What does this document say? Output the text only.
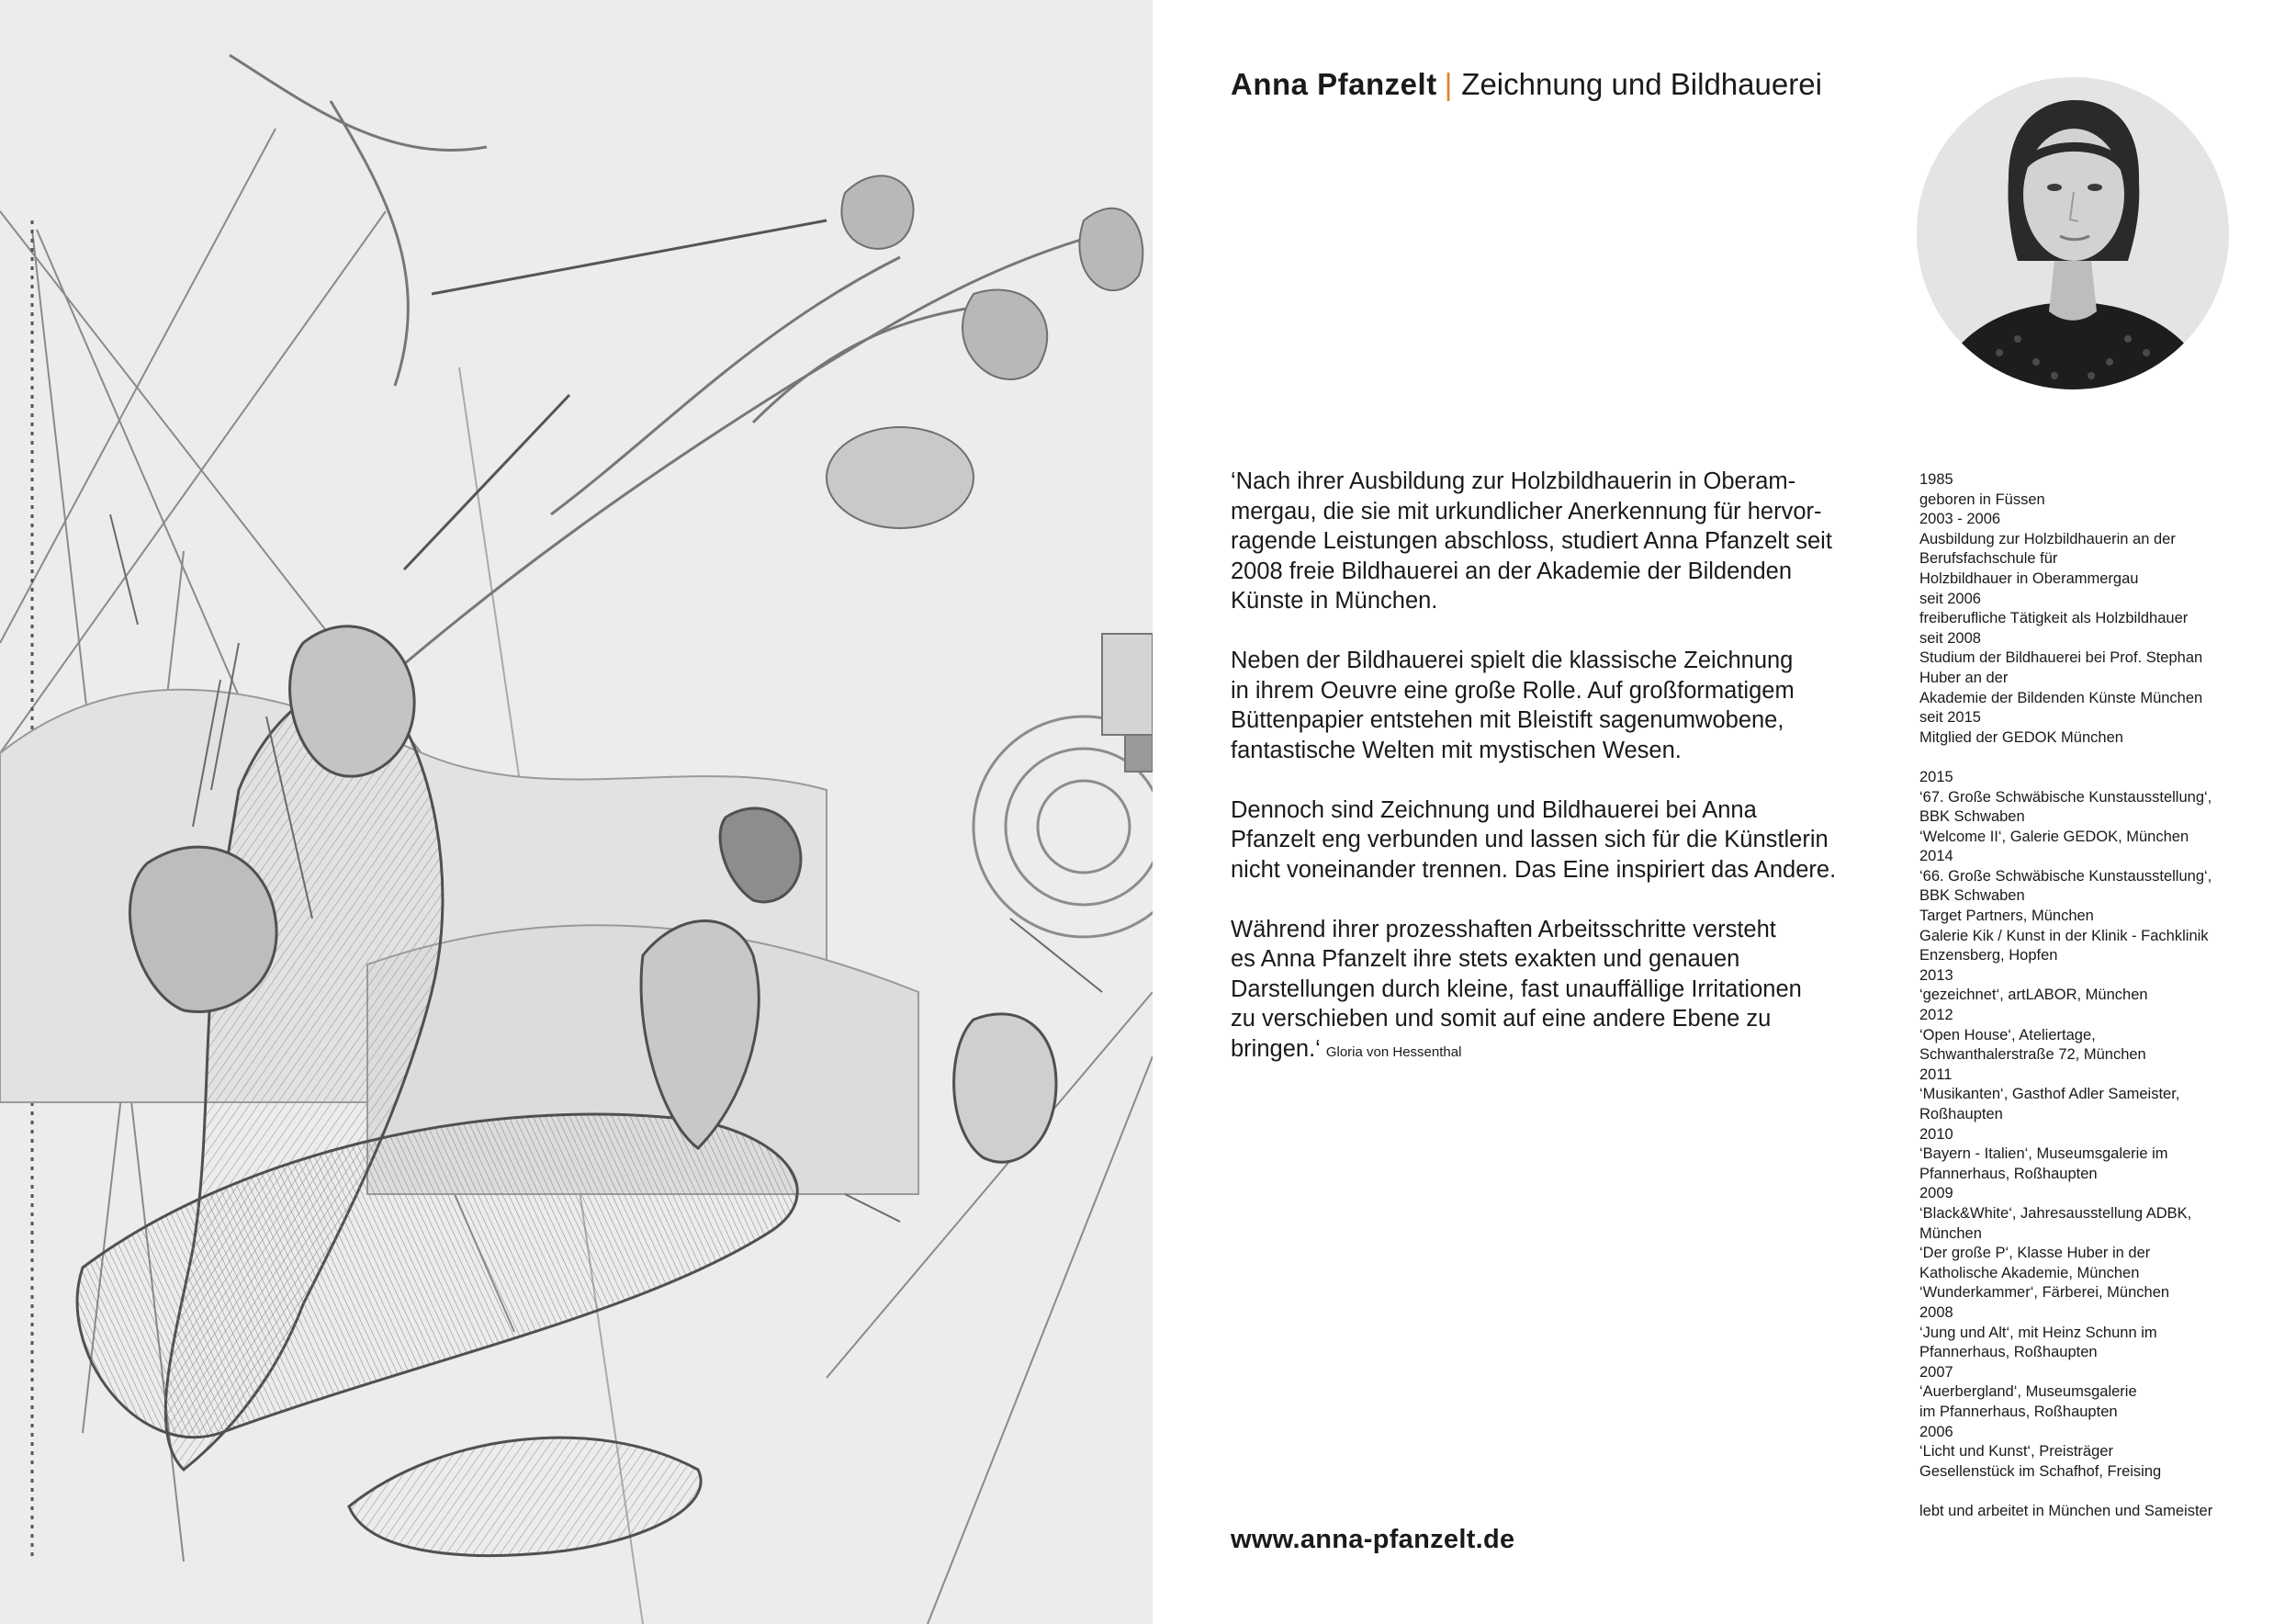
Anna Pfanzelt | Zeichnung und Bildhauerei

‘Nach ihrer Ausbildung zur Holzbildhauerin in Oberam-
mergau, die sie mit urkundlicher Anerkennung für hervor-
ragende Leistungen abschloss, studiert Anna Pfanzelt seit
2008 freie Bildhauerei an der Akademie der Bildenden
Künste in München.

Neben der Bildhauerei spielt die klassische Zeichnung
in ihrem Oeuvre eine große Rolle. Auf großformatigem
Büttenpapier entstehen mit Bleistift sagenumwobene,
fantastische Welten mit mystischen Wesen.

Dennoch sind Zeichnung und Bildhauerei bei Anna
Pfanzelt eng verbunden und lassen sich für die Künstlerin
nicht voneinander trennen. Das Eine inspiriert das Andere.

Während ihrer prozesshaften Arbeitsschritte versteht
es Anna Pfanzelt ihre stets exakten und genauen
Darstellungen durch kleine, fast unauffällige Irritationen
zu verschieben und somit auf eine andere Ebene zu
bringen.‘ Gloria von Hessenthal

1985
geboren in Füssen
2003 - 2006
Ausbildung zur Holzbildhauerin an der
Berufsfachschule für
Holzbildhauer in Oberammergau
seit 2006
freiberufliche Tätigkeit als Holzbildhauer
seit 2008
Studium der Bildhauerei bei Prof. Stephan
Huber an der
Akademie der Bildenden Künste München
seit 2015
Mitglied der GEDOK München
2015
‘67. Große Schwäbische Kunstausstellung‘,
BBK Schwaben
‘Welcome II‘, Galerie GEDOK, München
2014
‘66. Große Schwäbische Kunstausstellung‘,
BBK Schwaben
Target Partners, München
Galerie Kik / Kunst in der Klinik - Fachklinik
Enzensberg, Hopfen
2013
‘gezeichnet‘, artLABOR, München
2012
‘Open House‘, Ateliertage,
Schwanthalerstraße 72, München
2011
‘Musikanten‘, Gasthof Adler Sameister,
Roßhaupten
2010
‘Bayern - Italien‘, Museumsgalerie im
Pfannerhaus, Roßhaupten
2009
‘Black&White‘, Jahresausstellung ADBK,
München
‘Der große P‘, Klasse Huber in der
Katholische Akademie, München
‘Wunderkammer‘, Färberei, München
2008
‘Jung und Alt‘, mit Heinz Schunn im
Pfannerhaus, Roßhaupten
2007
‘Auerbergland‘, Museumsgalerie
im Pfannerhaus, Roßhaupten
2006
‘Licht und Kunst‘, Preisträger
Gesellenstück im Schafhof, Freising
lebt und arbeitet in München und Sameister
www.anna-pfanzelt.de
